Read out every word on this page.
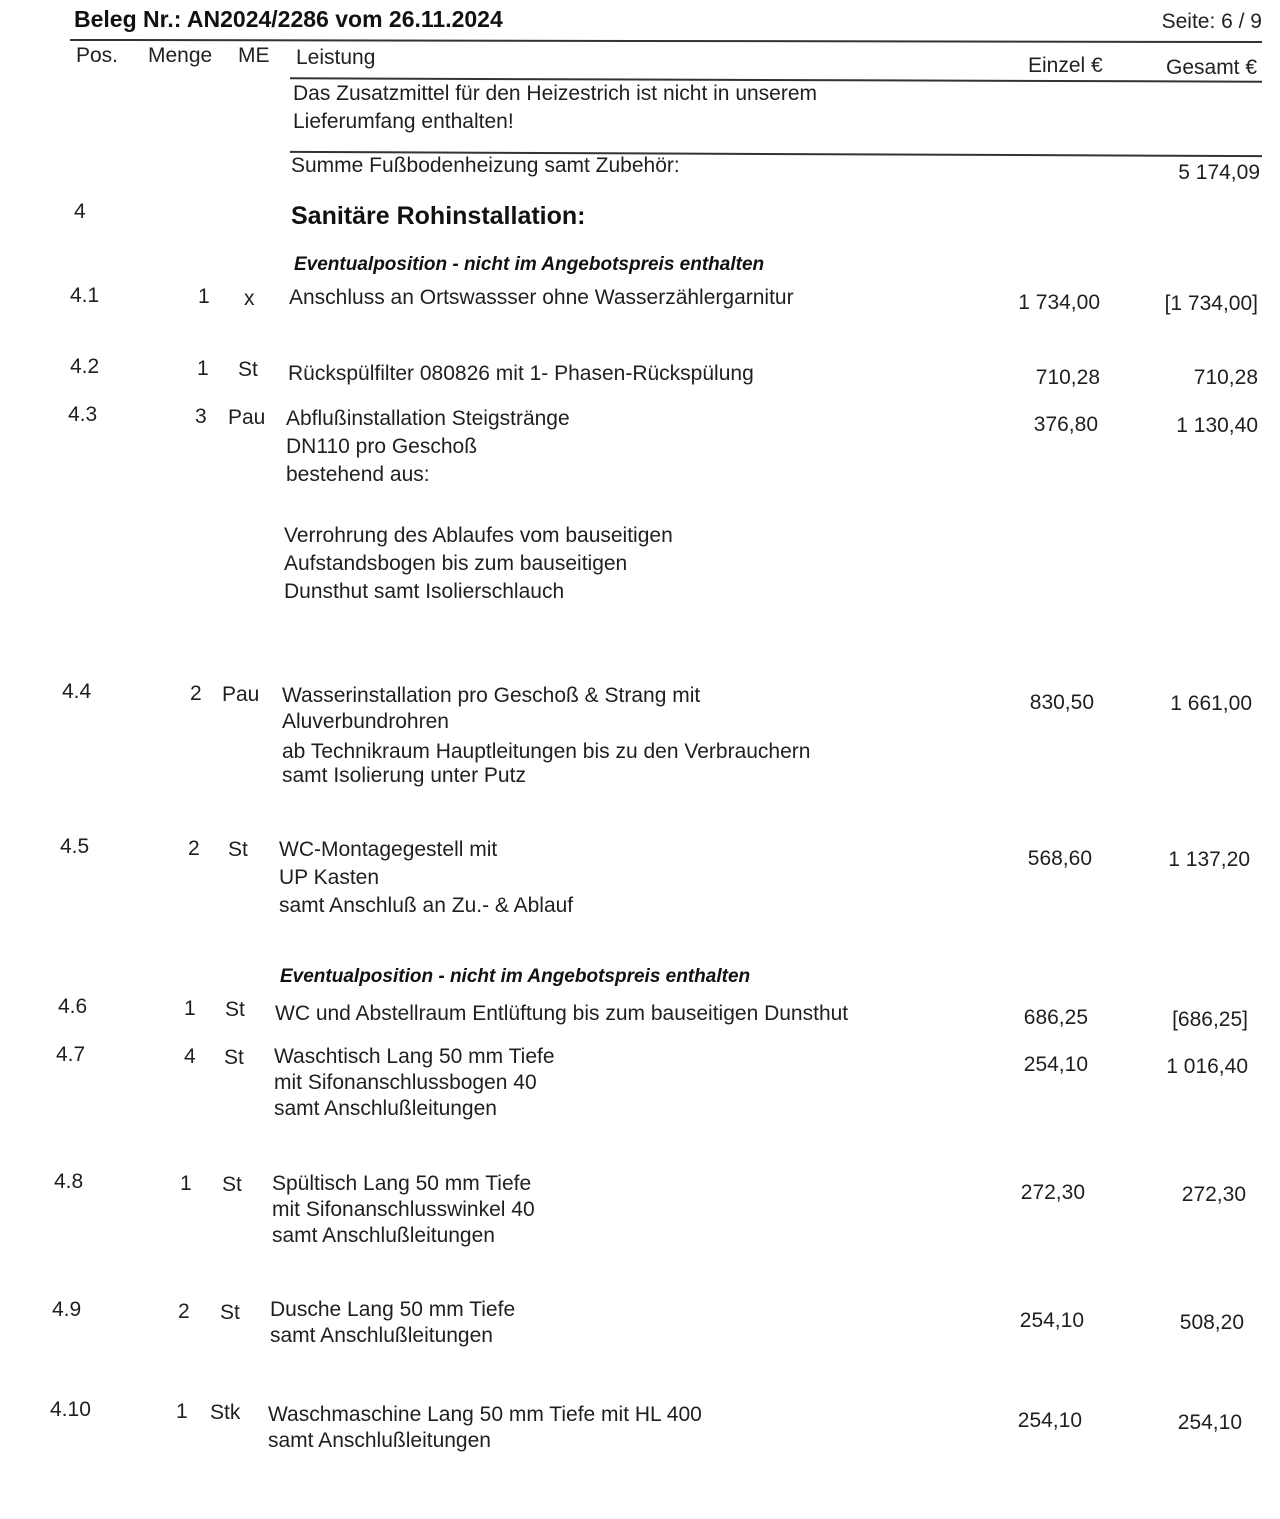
Beleg Nr.: AN2024/2286 vom 26.11.2024	Seite: 6 / 9
Pos. Menge ME Leistung	Einzel €	Gesamt €
Das Zusatzmittel für den Heizestrich ist nicht in unserem
Lieferumfang enthalten!
Summe Fußbodenheizung samt Zubehör:	5 174,09
4	Sanitäre Rohinstallation:
Eventualposition - nicht im Angebotspreis enthalten
4.1	1 x Anschluss an Ortswassser ohne Wasserzählergarnitur	1 734,00	[1 734,00]
4.2	1 St Rückspülfilter 080826 mit 1- Phasen-Rückspülung	710,28	710,28
4.3	3 Pau Abflußinstallation Steigstränge
DN110 pro Geschoß
bestehend aus:
Verrohrung des Ablaufes vom bauseitigen
Aufstandsbogen bis zum bauseitigen
Dunsthut samt Isolierschlauch
376,80	1 130,40
4.4	2 Pau Wasserinstallation pro Geschoß & Strang mit
Aluverbundrohren
ab Technikraum Hauptleitungen bis zu den Verbrauchern
samt Isolierung unter Putz
830,50	1 661,00
4.5	2 St WC-Montagegestell mit
UP Kasten
samt Anschluß an Zu.- & Ablauf
568,60	1 137,20
Eventualposition - nicht im Angebotspreis enthalten
4.6	1 St WC und Abstellraum Entlüftung bis zum bauseitigen Dunsthut	686,25	[686,25]
4.7	4 St Waschtisch Lang 50 mm Tiefe
mit Sifonanschlussbogen 40
samt Anschlußleitungen
254,10	1 016,40
4.8	1 St Spültisch Lang 50 mm Tiefe
mit Sifonanschlusswinkel 40
samt Anschlußleitungen
272,30	272,30
4.9	2 St Dusche Lang 50 mm Tiefe
samt Anschlußleitungen
254,10	508,20
4.10	1 Stk Waschmaschine Lang 50 mm Tiefe mit HL 400
samt Anschlußleitungen
254,10	254,10
